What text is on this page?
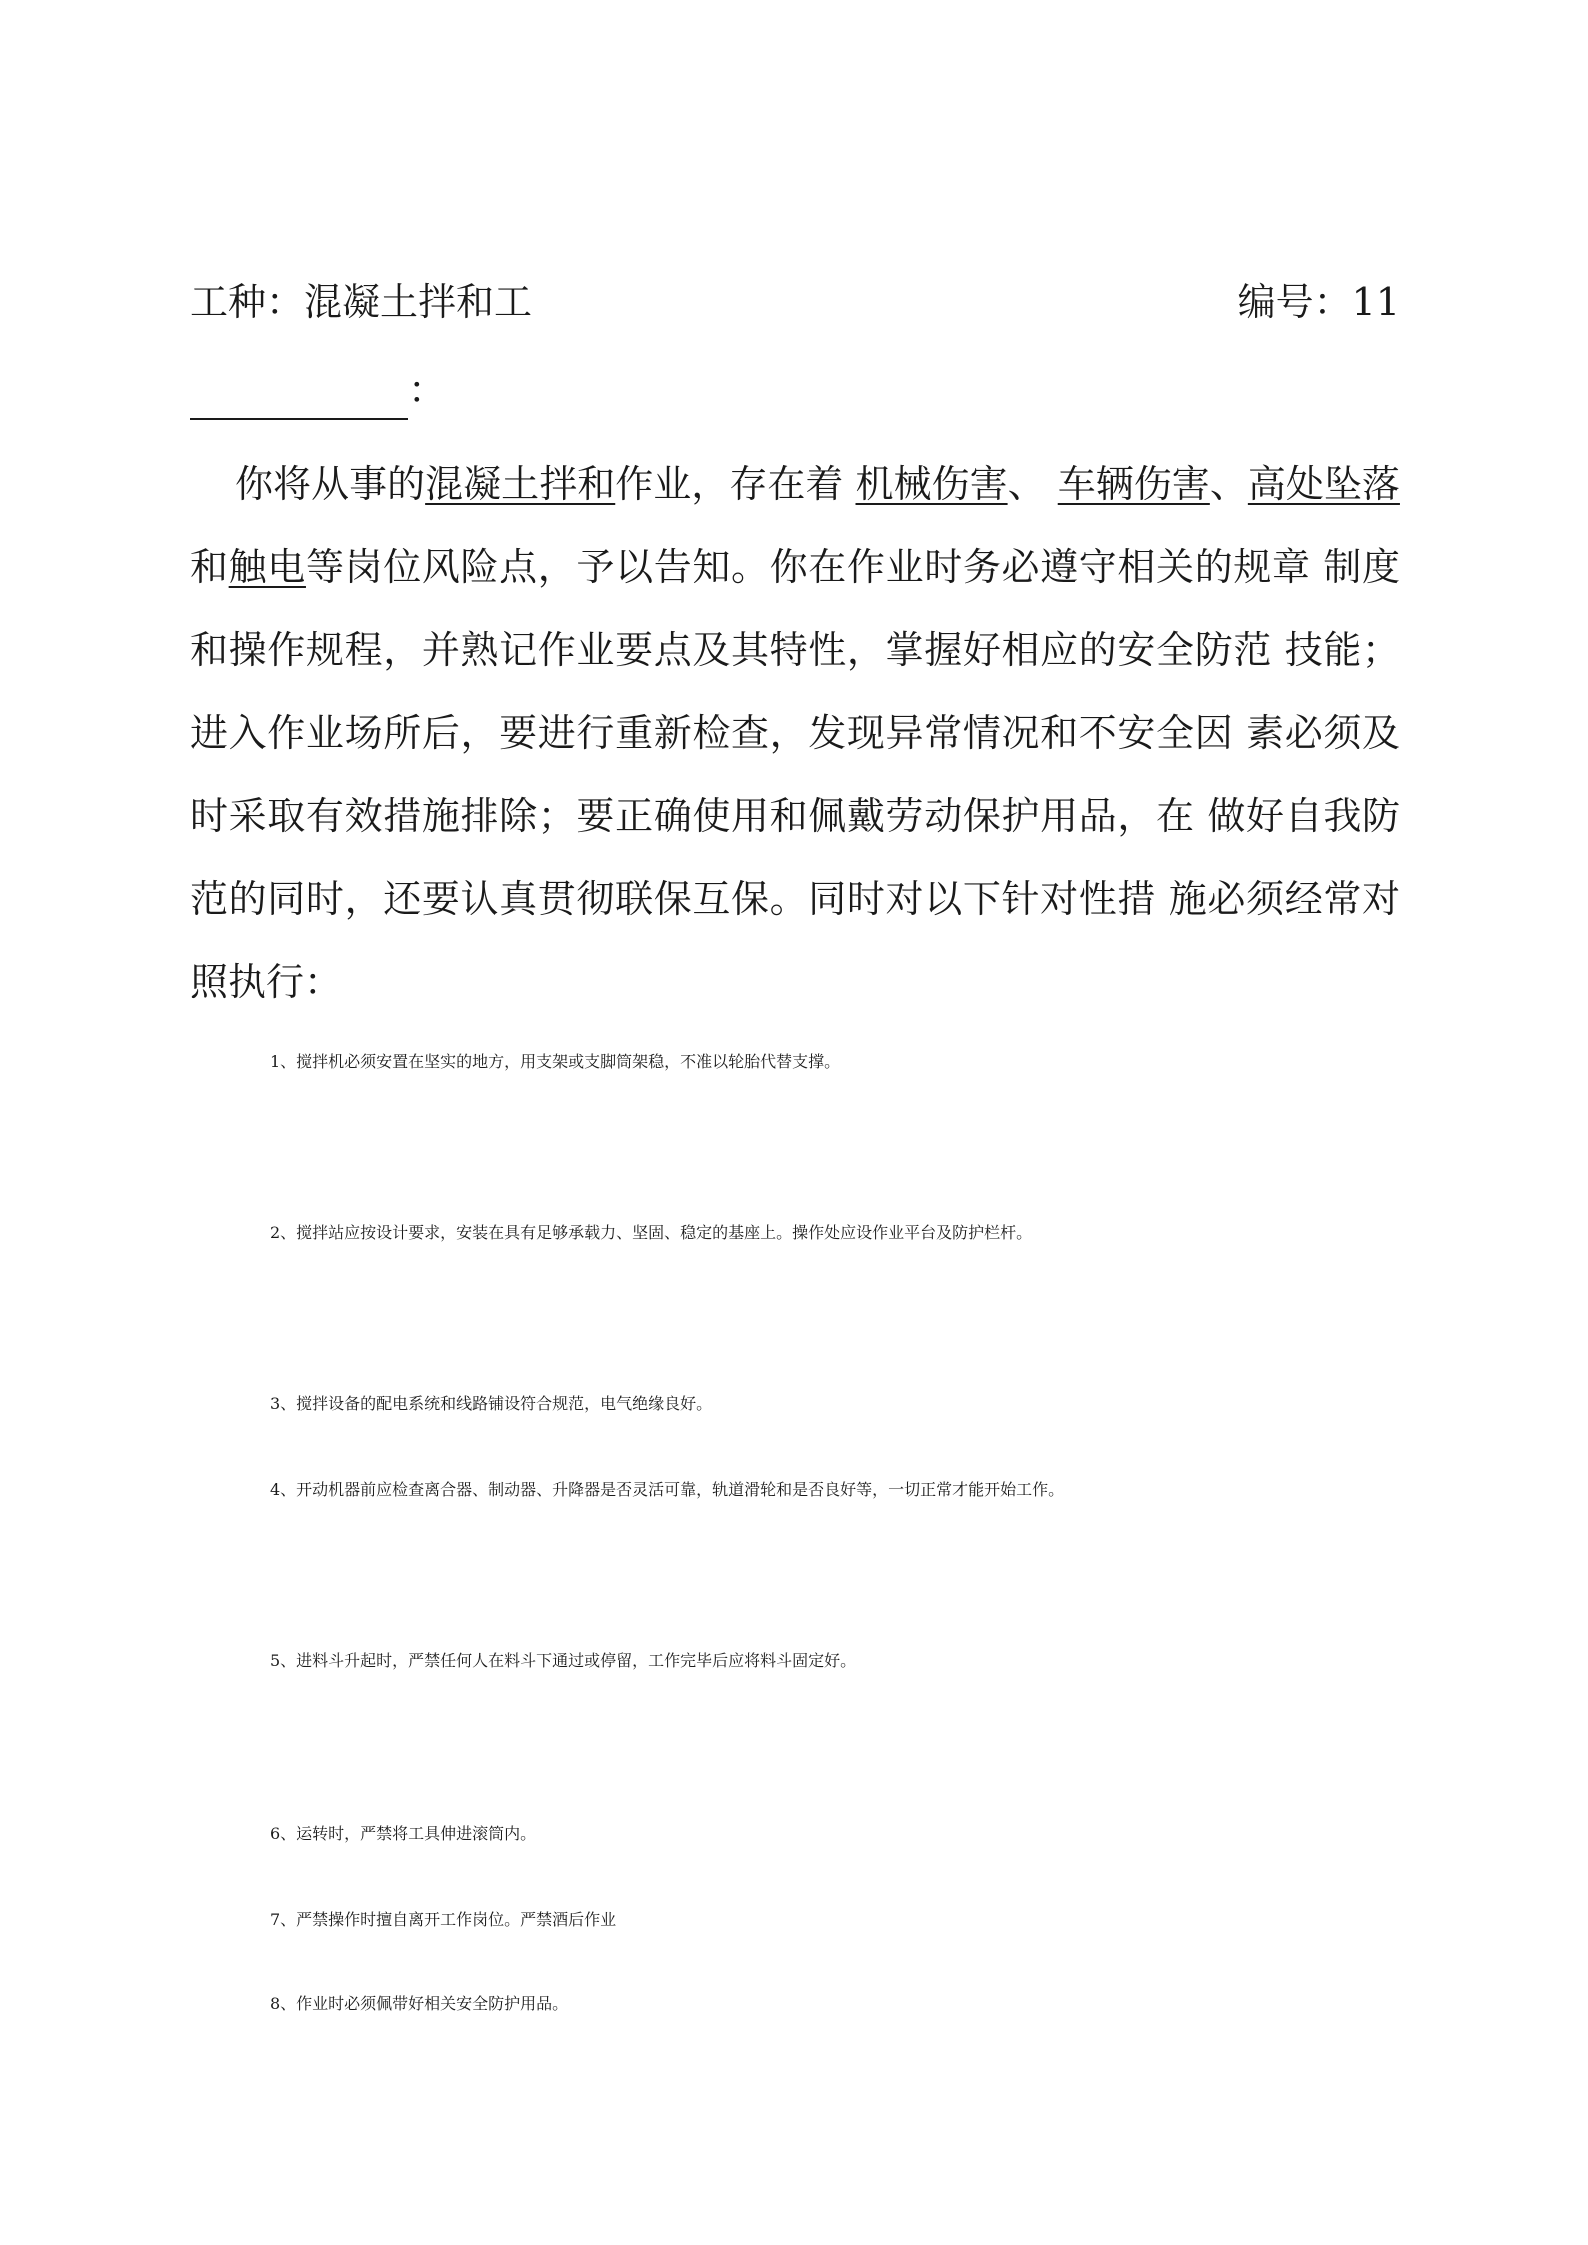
工种：混凝土拌和工	编号：11
：

你将从事的混凝土拌和作业，存在着 机械伤害、 车辆伤害、高处坠落 和触电等岗位风险点，予以告知。你在作业时务必遵守相关的规章 制度和操作规程，并熟记作业要点及其特性，掌握好相应的安全防范 技能；进入作业场所后，要进行重新检查，发现异常情况和不安全因 素必须及时采取有效措施排除；要正确使用和佩戴劳动保护用品，在 做好自我防范的同时，还要认真贯彻联保互保。同时对以下针对性措 施必须经常对照执行：

1、搅拌机必须安置在坚实的地方，用支架或支脚筒架稳，不准以轮胎代替支撑。

2、搅拌站应按设计要求，安装在具有足够承载力、坚固、稳定的基座上。操作处应设作业平台及防护栏杆。

3、搅拌设备的配电系统和线路铺设符合规范，电气绝缘良好。

4、开动机器前应检查离合器、制动器、升降器是否灵活可靠，轨道滑轮和是否良好等，一切正常才能开始工作。

5、进料斗升起时，严禁任何人在料斗下通过或停留，工作完毕后应将料斗固定好。

6、运转时，严禁将工具伸进滚筒内。

7、严禁操作时擅自离开工作岗位。严禁酒后作业

8、作业时必须佩带好相关安全防护用品。
